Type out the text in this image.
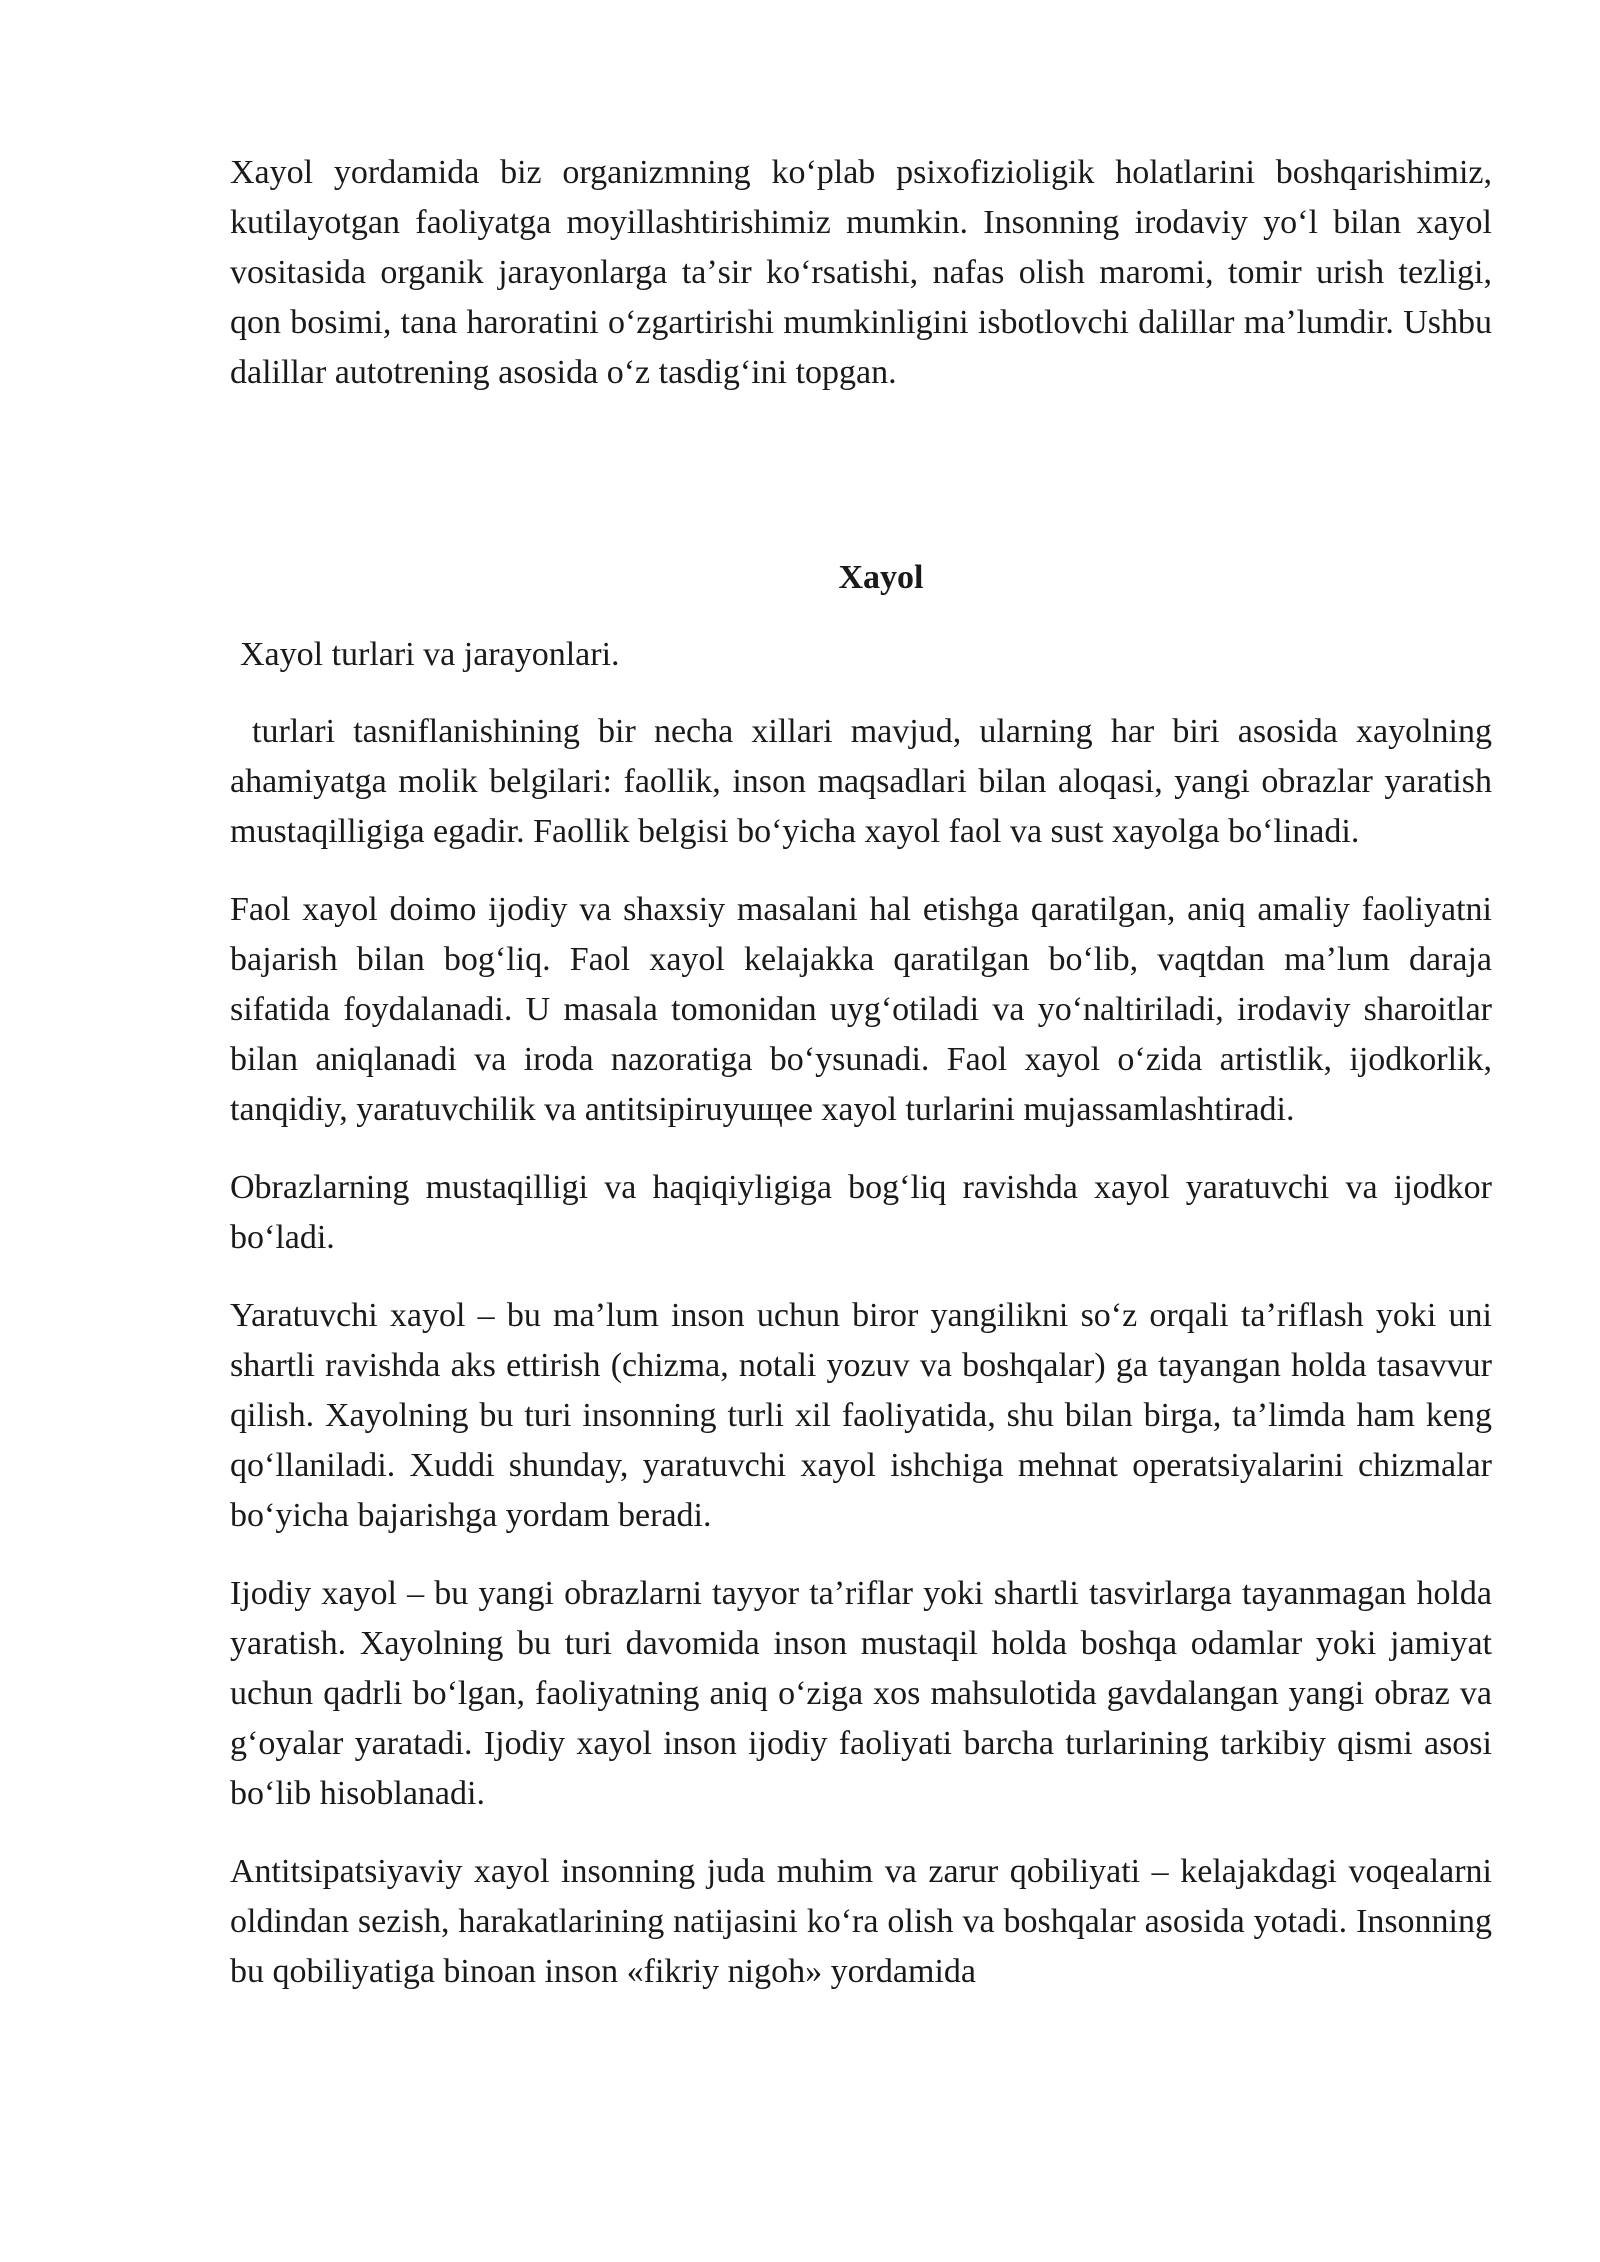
Xayol yordamida biz organizmning koʻplab psixofizioligik holatlarini boshqarishimiz, kutilayotgan faoliyatga moyillashtirishimiz mumkin. Insonning irodaviy yoʻl bilan xayol vositasida organik jarayonlarga taʼsir koʻrsatishi, nafas olish maromi, tomir urish tezligi, qon bosimi, tana haroratini oʻzgartirishi mumkinligini isbotlovchi dalillar maʼlumdir. Ushbu dalillar autotrening asosida oʻz tasdigʻini topgan.

Xayol

Xayol turlari va jarayonlari.

turlari tasniflanishining bir necha xillari mavjud, ularning har biri asosida xayolning ahamiyatga molik belgilari: faollik, inson maqsadlari bilan aloqasi, yangi obrazlar yaratish mustaqilligiga egadir. Faollik belgisi boʻyicha xayol faol va sust xayolga boʻlinadi.

Faol xayol doimo ijodiy va shaxsiy masalani hal etishga qaratilgan, aniq amaliy faoliyatni bajarish bilan bogʻliq. Faol xayol kelajakka qaratilgan boʻlib, vaqtdan maʼlum daraja sifatida foydalanadi. U masala tomonidan uygʻotiladi va yoʻnaltiriladi, irodaviy sharoitlar bilan aniqlanadi va iroda nazoratiga boʻysunadi. Faol xayol oʻzida artistlik, ijodkorlik, tanqidiy, yaratuvchilik va antitsipiruyuщее xayol turlarini mujassamlashtiradi.

Obrazlarning mustaqilligi va haqiqiyligiga bogʻliq ravishda xayol yaratuvchi va ijodkor boʻladi.

Yaratuvchi xayol – bu maʼlum inson uchun biror yangilikni soʻz orqali taʼriflash yoki uni shartli ravishda aks ettirish (chizma, notali yozuv va boshqalar) ga tayangan holda tasavvur qilish. Xayolning bu turi insonning turli xil faoliyatida, shu bilan birga, taʼlimda ham keng qoʻllaniladi. Xuddi shunday, yaratuvchi xayol ishchiga mehnat operatsiyalarini chizmalar boʻyicha bajarishga yordam beradi.

Ijodiy xayol – bu yangi obrazlarni tayyor taʼriflar yoki shartli tasvirlarga tayanmagan holda yaratish. Xayolning bu turi davomida inson mustaqil holda boshqa odamlar yoki jamiyat uchun qadrli boʻlgan, faoliyatning aniq oʻziga xos mahsulotida gavdalangan yangi obraz va gʻoyalar yaratadi. Ijodiy xayol inson ijodiy faoliyati barcha turlarining tarkibiy qismi asosi boʻlib hisoblanadi.

Antitsipatsiyaviy xayol insonning juda muhim va zarur qobiliyati – kelajakdagi voqealarni oldindan sezish, harakatlarining natijasini koʻra olish va boshqalar asosida yotadi. Insonning bu qobiliyatiga binoan inson «fikriy nigoh» yordamida
